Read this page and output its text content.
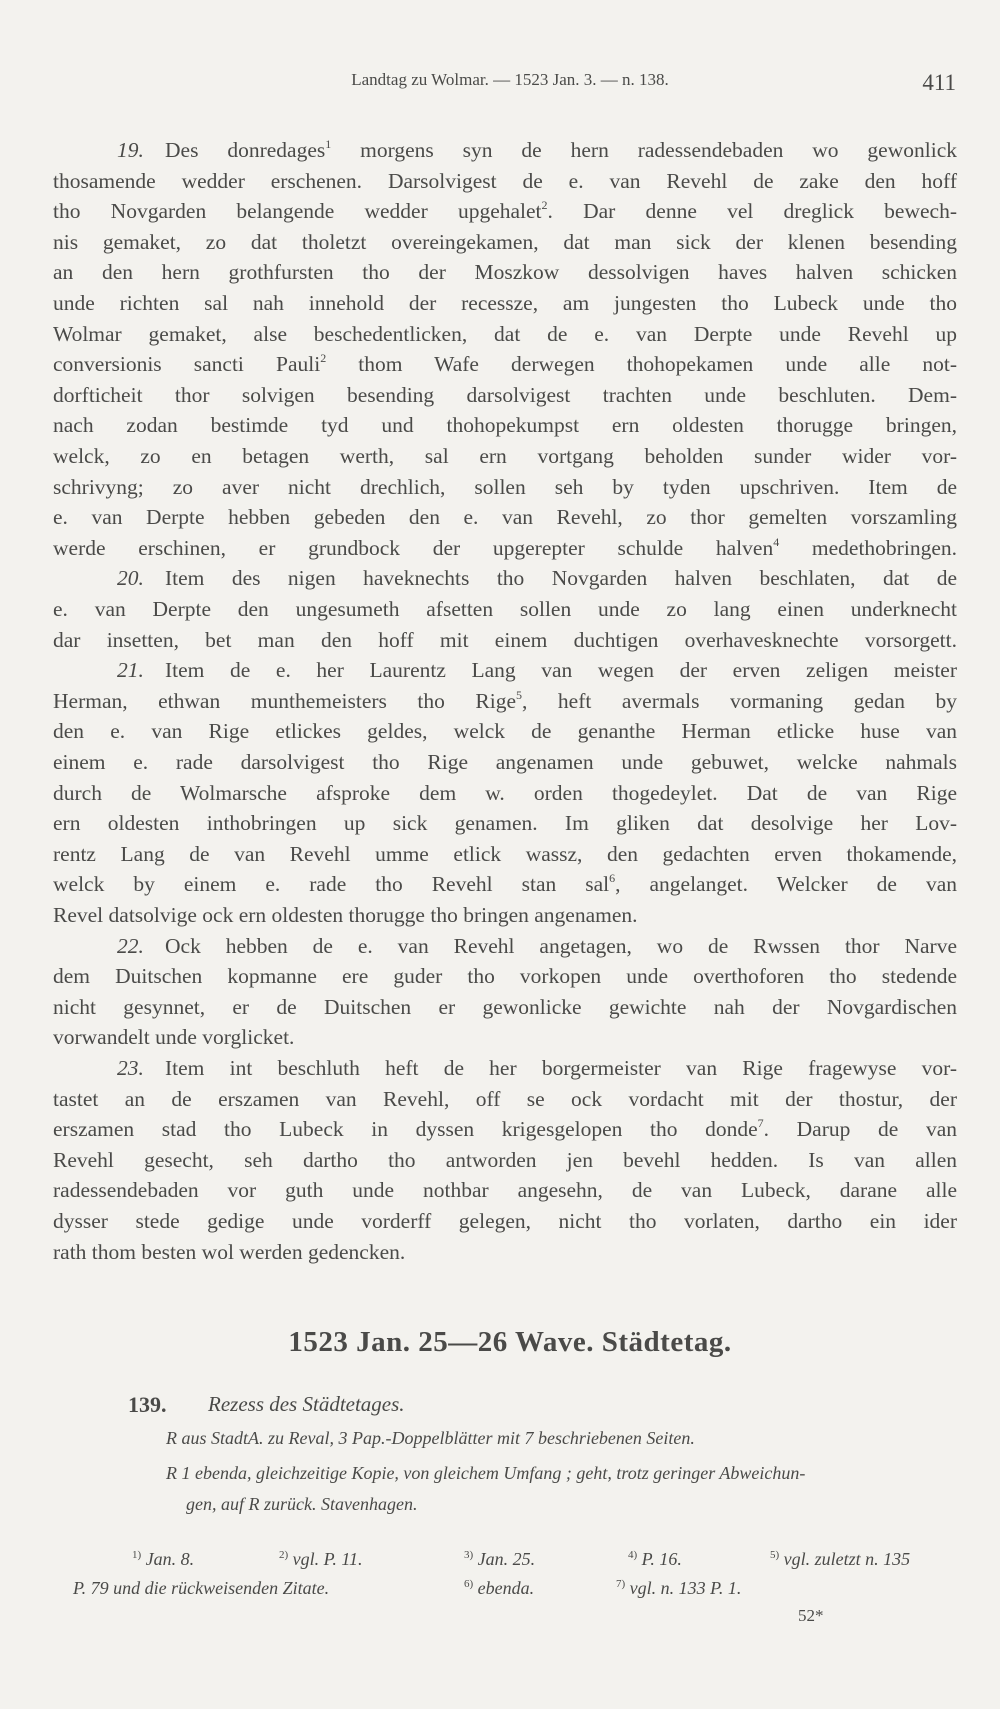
Landtag zu Wolmar. — 1523 Jan. 3. — n. 138.	411
19. Des donredages$^1$ morgens syn de hern radessendebaden wo gewonlick
thosamende wedder erschenen. Darsolvigest de e. van Revehl de zake den hoff
tho Novgarden belangende wedder upgehalet$^2$. Dar denne vel dreglick bewech-
nis gemaket, zo dat tholetzt overeingekamen, dat man sick der klenen besending
an den hern grothfursten tho der Moszkow dessolvigen haves halven schicken
unde richten sal nah innehold der recessze, am jungesten tho Lubeck unde tho
Wolmar gemaket, alse beschedentlicken, dat de e. van Derpte unde Revehl up
conversionis sancti Pauli$^2$ thom Wafe derwegen thohopekamen unde alle not-
dorfticheit thor solvigen besending darsolvigest trachten unde beschluten. Dem-
nach zodan bestimde tyd und thohopekumpst ern oldesten thorugge bringen,
welck, zo en betagen werth, sal ern vortgang beholden sunder wider vor-
schrivyng; zo aver nicht drechlich, sollen seh by tyden upschriven. Item de
e. van Derpte hebben gebeden den e. van Revehl, zo thor gemelten vorszamling
werde erschinen, er grundbock der upgerepter schulde halven$^4$ medethobringen.
20. Item des nigen haveknechts tho Novgarden halven beschlaten, dat de
e. van Derpte den ungesumeth afsetten sollen unde zo lang einen underknecht
dar insetten, bet man den hoff mit einem duchtigen overhavesknechte vorsorgett.
21. Item de e. her Laurentz Lang van wegen der erven zeligen meister
Herman, ethwan munthemeisters tho Rige$^5$, heft avermals vormaning gedan by
den e. van Rige etlickes geldes, welck de genanthe Herman etlicke huse van
einem e. rade darsolvigest tho Rige angenamen unde gebuwet, welcke nahmals
durch de Wolmarsche afsproke dem w. orden thogedeylet. Dat de van Rige
ern oldesten inthobringen up sick genamen. Im gliken dat desolvige her Lov-
rentz Lang de van Revehl umme etlick wassz, den gedachten erven thokamende,
welck by einem e. rade tho Revehl stan sal$^6$, angelanget. Welcker de van
Revel datsolvige ock ern oldesten thorugge tho bringen angenamen.
22. Ock hebben de e. van Revehl angetagen, wo de Rwssen thor Narve
dem Duitschen kopmanne ere guder tho vorkopen unde overthoforen tho stedende
nicht gesynnet, er de Duitschen er gewonlicke gewichte nah der Novgardischen
vorwandelt unde vorglicket.
23. Item int beschluth heft de her borgermeister van Rige fragewyse vor-
tastet an de erszamen van Revehl, off se ock vordacht mit der thostur, der
erszamen stad tho Lubeck in dyssen krigesgelopen tho donde$^7$. Darup de van
Revehl gesecht, seh dartho tho antworden jen bevehl hedden. Is van allen
radessendebaden vor guth unde nothbar angesehn, de van Lubeck, darane alle
dysser stede gedige unde vorderff gelegen, nicht tho vorlaten, dartho ein ider
rath thom besten wol werden gedencken.
1523 Jan. 25—26 Wave. Städtetag.
139. Rezess des Städtetages.
R aus StadtA. zu Reval, 3 Pap.-Doppelblätter mit 7 beschriebenen Seiten.
R 1 ebenda, gleichzeitige Kopie, von gleichem Umfang ; geht, trotz geringer Abweichun-
gen, auf R zurück. Stavenhagen.
$^{1)}$ Jan. 8.	$^{2)}$ vgl. P. 11.	$^{3)}$ Jan. 25.	$^{4)}$ P. 16.	$^{5)}$ vgl. zuletzt n. 135
P. 79 und die rückweisenden Zitate.	$^{6)}$ ebenda.	$^{7)}$ vgl. n. 133 P. 1.
52*
